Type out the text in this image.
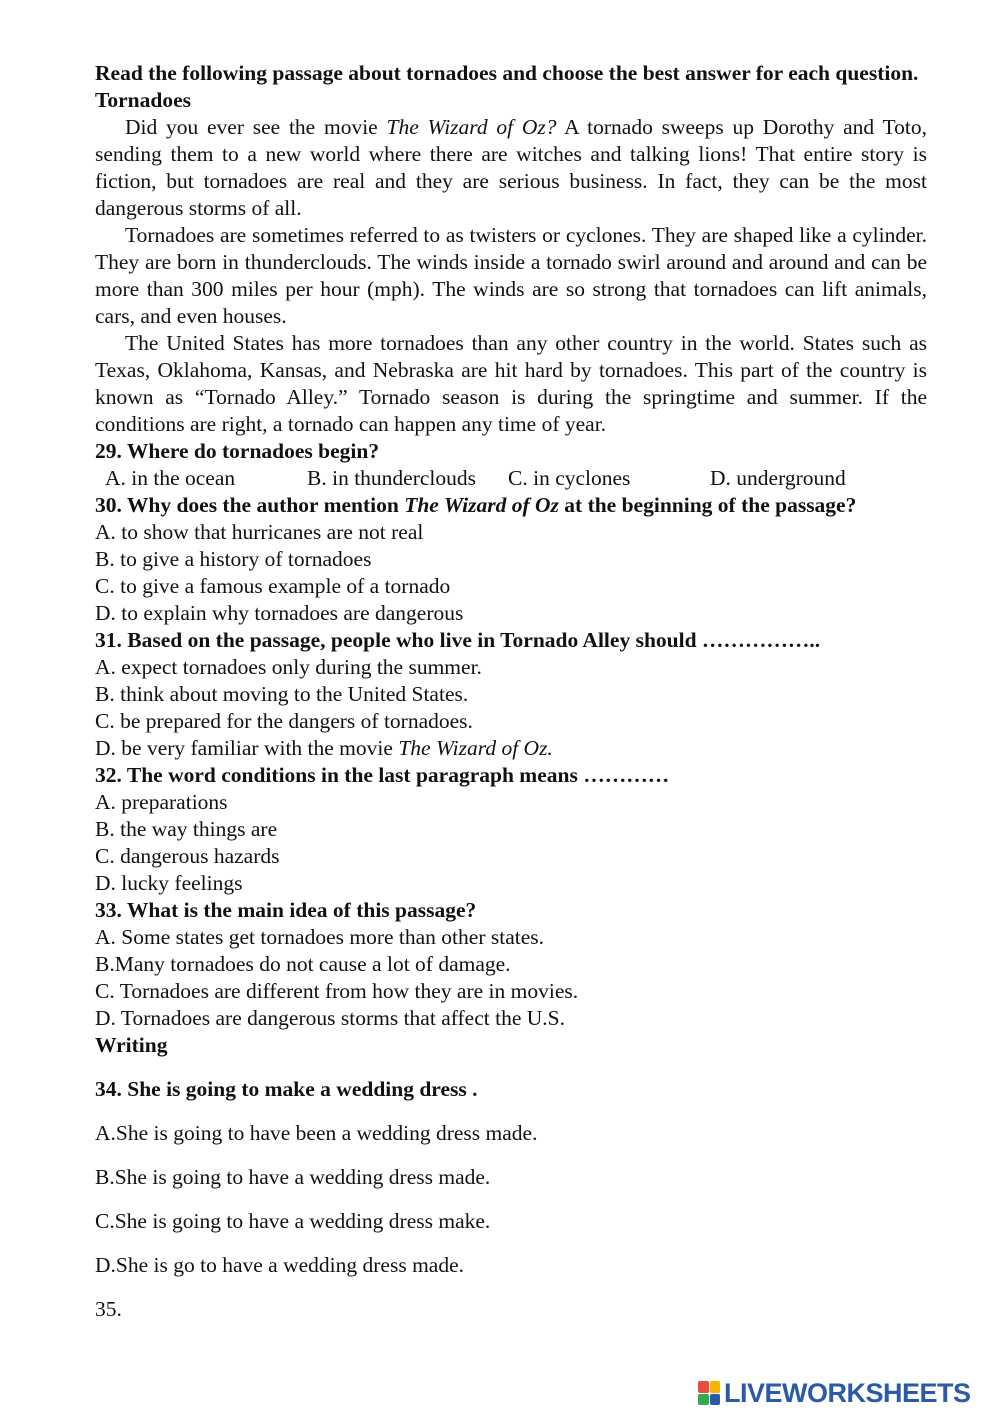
Read the following passage about tornadoes and choose the best answer for each question.
Tornadoes
Did you ever see the movie The Wizard of Oz? A tornado sweeps up Dorothy and Toto, sending them to a new world where there are witches and talking lions! That entire story is fiction, but tornadoes are real and they are serious business. In fact, they can be the most dangerous storms of all.
Tornadoes are sometimes referred to as twisters or cyclones. They are shaped like a cylinder. They are born in thunderclouds. The winds inside a tornado swirl around and around and can be more than 300 miles per hour (mph). The winds are so strong that tornadoes can lift animals, cars, and even houses.
The United States has more tornadoes than any other country in the world. States such as Texas, Oklahoma, Kansas, and Nebraska are hit hard by tornadoes. This part of the country is known as “Tornado Alley.” Tornado season is during the springtime and summer. If the conditions are right, a tornado can happen any time of year.
29. Where do tornadoes begin?
A. in the ocean	B. in thunderclouds C. in cyclones	D. underground
30. Why does the author mention The Wizard of Oz at the beginning of the passage?
A. to show that hurricanes are not real
B. to give a history of tornadoes
C. to give a famous example of a tornado
D. to explain why tornadoes are dangerous
31. Based on the passage, people who live in Tornado Alley should ……………..
A. expect tornadoes only during the summer.
B. think about moving to the United States.
C. be prepared for the dangers of tornadoes.
D. be very familiar with the movie The Wizard of Oz.
32. The word conditions in the last paragraph means …………
A. preparations
B. the way things are
C. dangerous hazards
D. lucky feelings
33. What is the main idea of this passage?
A. Some states get tornadoes more than other states.
B.Many tornadoes do not cause a lot of damage.
C. Tornadoes are different from how they are in movies.
D. Tornadoes are dangerous storms that affect the U.S.
Writing
34. She is going to make a wedding dress .
A.She is going to have been a wedding dress made.
B.She is going to have a wedding dress made.
C.She is going to have a wedding dress make.
D.She is go to have a wedding dress made.
35.
LIVEWORKSHEETS
